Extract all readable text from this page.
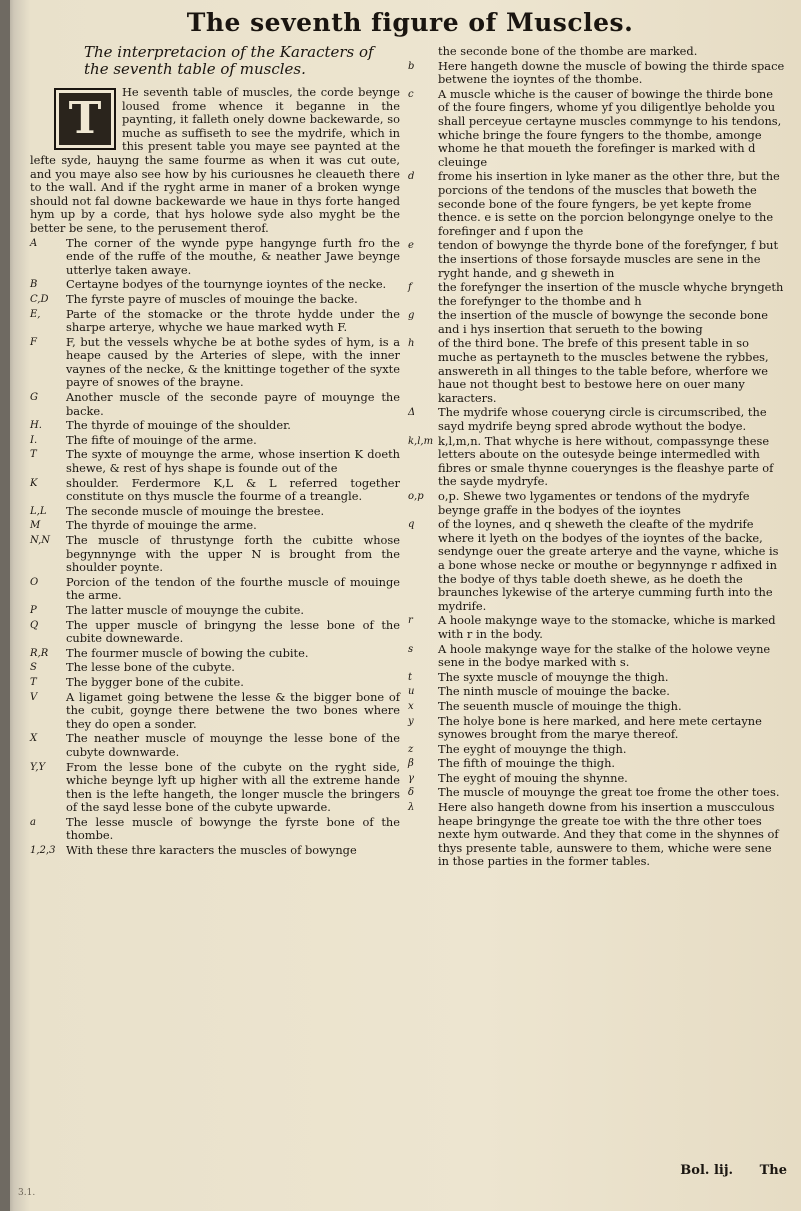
The seventh figure of Muscles.
The interpretacion of the Karacters of the seventh table of muscles.
T
He seventh table of muscles, the corde beynge loused frome whence it beganne in the paynting, it falleth onely downe backewarde, so muche as suffiseth to see the mydrife, which in this present table you maye see paynted at the lefte syde, hauyng the same fourme as when it was cut oute, and you maye also see how by his curiousnes he cleaueth there to the wall. And if the ryght arme in maner of a broken wynge should not fal downe backewarde we haue in thys forte hanged hym up by a corde, that hys holowe syde also myght be the better be sene, to the perusement therof.
A	The corner of the wynde pype hangynge furth fro the ende of the ruffe of the mouthe, & neather Jawe beynge utterlye taken awaye.
B	Certayne bodyes of the tournynge ioyntes of the necke.
C,D	The fyrste payre of muscles of mouinge the backe.
E,	Parte of the stomacke or the throte hydde under the sharpe arterye, whyche we haue marked wyth F.
F	F, but the vessels whyche be at bothe sydes of hym, is a heape caused by the Arteries of slepe, with the inner vaynes of the necke, & the knittinge together of the syxte payre of snowes of the brayne.
G	Another muscle of the seconde payre of mouynge the backe.
H.	The thyrde of mouinge of the shoulder.
I.	The fifte of mouinge of the arme.
T	The syxte of mouynge the arme, whose insertion K doeth shewe, & rest of hys shape is founde out of the
K	shoulder. Ferdermore K,L & L referred together constitute on thys muscle the fourme of a treangle.
L,L	The seconde muscle of mouinge the brestee.
M	The thyrde of mouinge the arme.
N,N	The muscle of thrustynge forth the cubitte whose begynnynge with the upper N is brought from the shoulder poynte.
O	Porcion of the tendon of the fourthe muscle of mouinge the arme.
P	The latter muscle of mouynge the cubite.
Q	The upper muscle of bringyng the lesse bone of the cubite downewarde.
R,R	The fourmer muscle of bowing the cubite.
S	The lesse bone of the cubyte.
T	The bygger bone of the cubite.
V	A ligamet going betwene the lesse & the bigger bone of the cubit, goynge there betwene the two bones where they do open a sonder.
X	The neather muscle of mouynge the lesse bone of the cubyte downwarde.
Y,Y	From the lesse bone of the cubyte on the ryght side, whiche beynge lyft up higher with all the extreme hande then is the lefte hangeth, the longer muscle the bringers of the sayd lesse bone of the cubyte upwarde.
a	The lesse muscle of bowynge the fyrste bone of the thombe.
1,2,3 With these thre karacters the muscles of bowynge
the seconde bone of the thombe are marked.
b	Here hangeth downe the muscle of bowing the thirde space betwene the ioyntes of the thombe.
c	A muscle whiche is the causer of bowinge the thirde bone of the foure fingers, whome yf you diligentlye beholde you shall perceyue certayne muscles commynge to his tendons, whiche bringe the foure fyngers to the thombe, amonge whome he that moueth the forefinger is marked with d cleuinge
d	frome his insertion in lyke maner as the other thre, but the porcions of the tendons of the muscles that boweth the seconde bone of the foure fyngers, be yet kepte frome thence. e is sette on the porcion belongynge onelye to the forefinger and f upon the
e	tendon of bowynge the thyrde bone of the forefynger, f but the insertions of those forsayde muscles are sene in the ryght hande, and g sheweth in
f	the forefynger the insertion of the muscle whyche bryngeth the forefynger to the thombe and h
g	the insertion of the muscle of bowynge the seconde bone and i hys insertion that serueth to the bowing
h	of the third bone. The brefe of this present table in so muche as pertayneth to the muscles betwene the rybbes, answereth in all thinges to the table before, wherfore we haue not thought best to bestowe here on ouer many karacters.
Δ	The mydrife whose coueryng circle is circumscribed, the sayd mydrife beyng spred abrode wythout the bodye.
k,l,m k,l,m,n. That whyche is here without, compassynge these letters aboute on the outesyde beinge intermedled with fibres or smale thynne couerynges is the fleashye parte of the sayde mydryfe.
o,p	o,p. Shewe two lygamentes or tendons of the mydryfe beynge graffe in the bodyes of the ioyntes
q	of the loynes, and q sheweth the cleafte of the mydrife where it lyeth on the bodyes of the ioyntes of the backe, sendynge ouer the greate arterye and the vayne, whiche is a bone whose necke or mouthe or begynnynge r adfixed in the bodye of thys table doeth shewe, as he doeth the braunches lykewise of the arterye cumming furth into the mydrife.
r	A hoole makynge waye to the stomacke, whiche is marked with r in the body.
s	A hoole makynge waye for the stalke of the holowe veyne sene in the bodye marked with s.
t	The syxte muscle of mouynge the thigh.
u	The ninth muscle of mouinge the backe.
x	The seuenth muscle of mouinge the thigh.
y	The holye bone is here marked, and here mete certayne synowes brought from the marye thereof.
z	The eyght of mouynge the thigh.
β	The fifth of mouinge the thigh.
γ	The eyght of mouing the shynne.
δ	The muscle of mouynge the great toe frome the other toes.
λ	Here also hangeth downe from his insertion a muscculous heape bringynge the greate toe with the thre other toes nexte hym outwarde. And they that come in the shynnes of thys presente table, aunswere to them, whiche were sene in those parties in the former tables.
Bol. lij. The
3.1.
